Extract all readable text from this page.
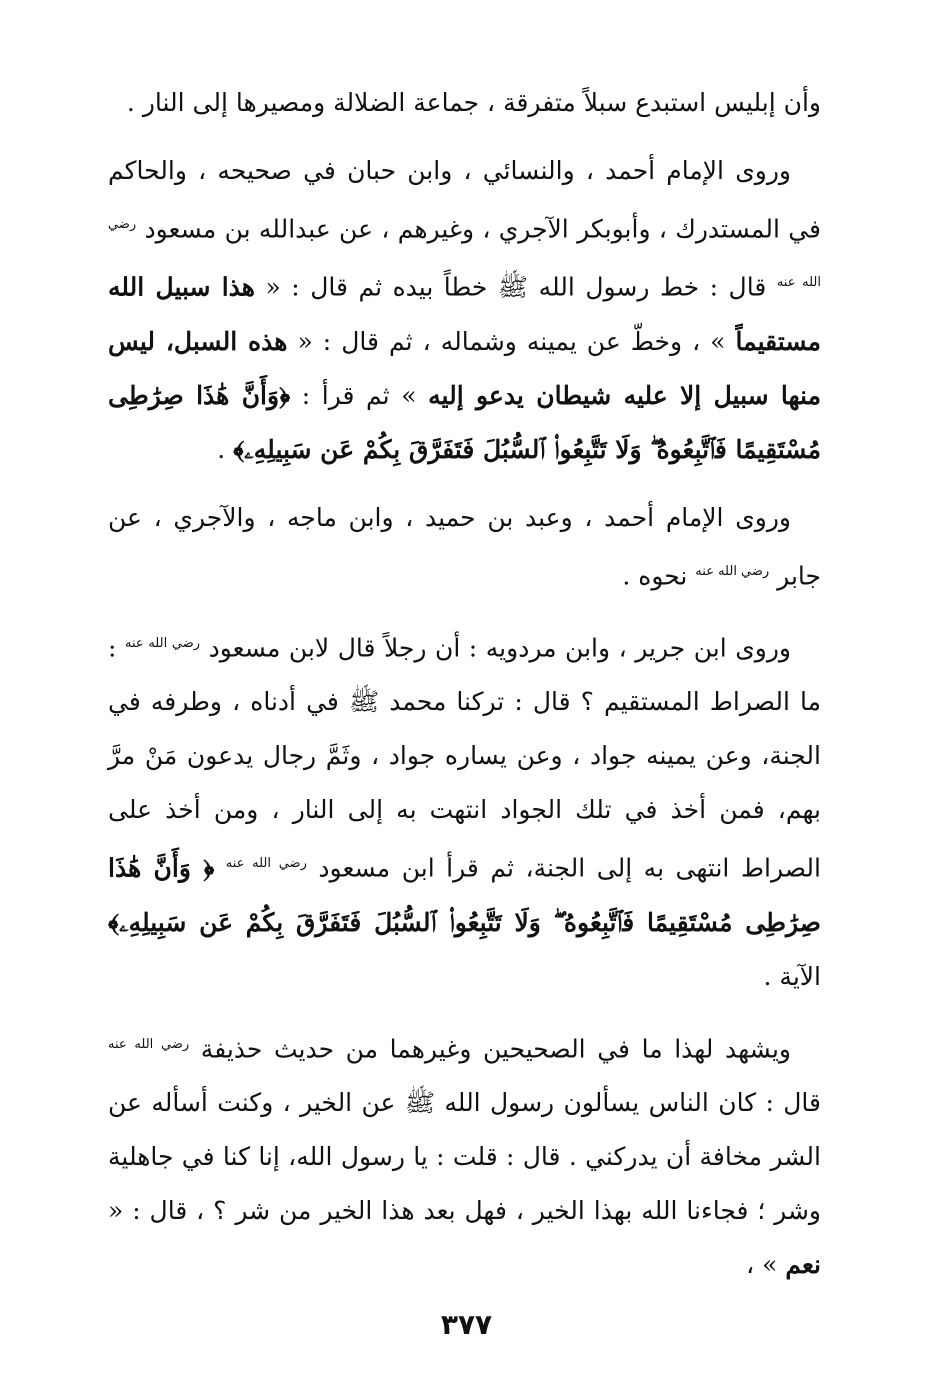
وأن إبليس استبدع سبلاً متفرقة ، جماعة الضلالة ومصيرها إلى النار .

وروى الإمام أحمد ، والنسائي ، وابن حبان في صحيحه ، والحاكم في المستدرك ، وأبوبكر الآجري ، وغيرهم ، عن عبدالله بن مسعود $^{رضي الله عنه}$ قال : خط رسول الله ﷺ خطاً بيده ثم قال : « هذا سبيل الله مستقيماً » ، وخطّ عن يمينه وشماله ، ثم قال : « هذه السبل، ليس منها سبيل إلا عليه شيطان يدعو إليه » ثم قرأ : ﴿وَأَنَّ هَٰذَا صِرَٰطِى مُسْتَقِيمًا فَٱتَّبِعُوهُ ۖ وَلَا تَتَّبِعُوا۟ ٱلسُّبُلَ فَتَفَرَّقَ بِكُمْ عَن سَبِيلِهِۦ﴾ .

وروى الإمام أحمد ، وعبد بن حميد ، وابن ماجه ، والآجري ، عن جابر $^{رضي الله عنه}$ نحوه .

وروى ابن جرير ، وابن مردويه : أن رجلاً قال لابن مسعود $^{رضي الله عنه}$ : ما الصراط المستقيم ؟ قال : تركنا محمد ﷺ في أدناه ، وطرفه في الجنة، وعن يمينه جواد ، وعن يساره جواد ، وثَمَّ رجال يدعون مَنْ مرَّ بهم، فمن أخذ في تلك الجواد انتهت به إلى النار ، ومن أخذ على الصراط انتهى به إلى الجنة، ثم قرأ ابن مسعود $^{رضي الله عنه}$ ﴿ وَأَنَّ هَٰذَا صِرَٰطِى مُسْتَقِيمًا فَٱتَّبِعُوهُ ۖ وَلَا تَتَّبِعُوا۟ ٱلسُّبُلَ فَتَفَرَّقَ بِكُمْ عَن سَبِيلِهِۦ﴾ الآية .

ويشهد لهذا ما في الصحيحين وغيرهما من حديث حذيفة $^{رضي الله عنه}$ قال : كان الناس يسألون رسول الله ﷺ عن الخير ، وكنت أسأله عن الشر مخافة أن يدركني . قال : قلت : يا رسول الله، إنا كنا في جاهلية وشر ؛ فجاءنا الله بهذا الخير ، فهل بعد هذا الخير من شر ؟ ، قال : « نعم » ،

٣٧٧
